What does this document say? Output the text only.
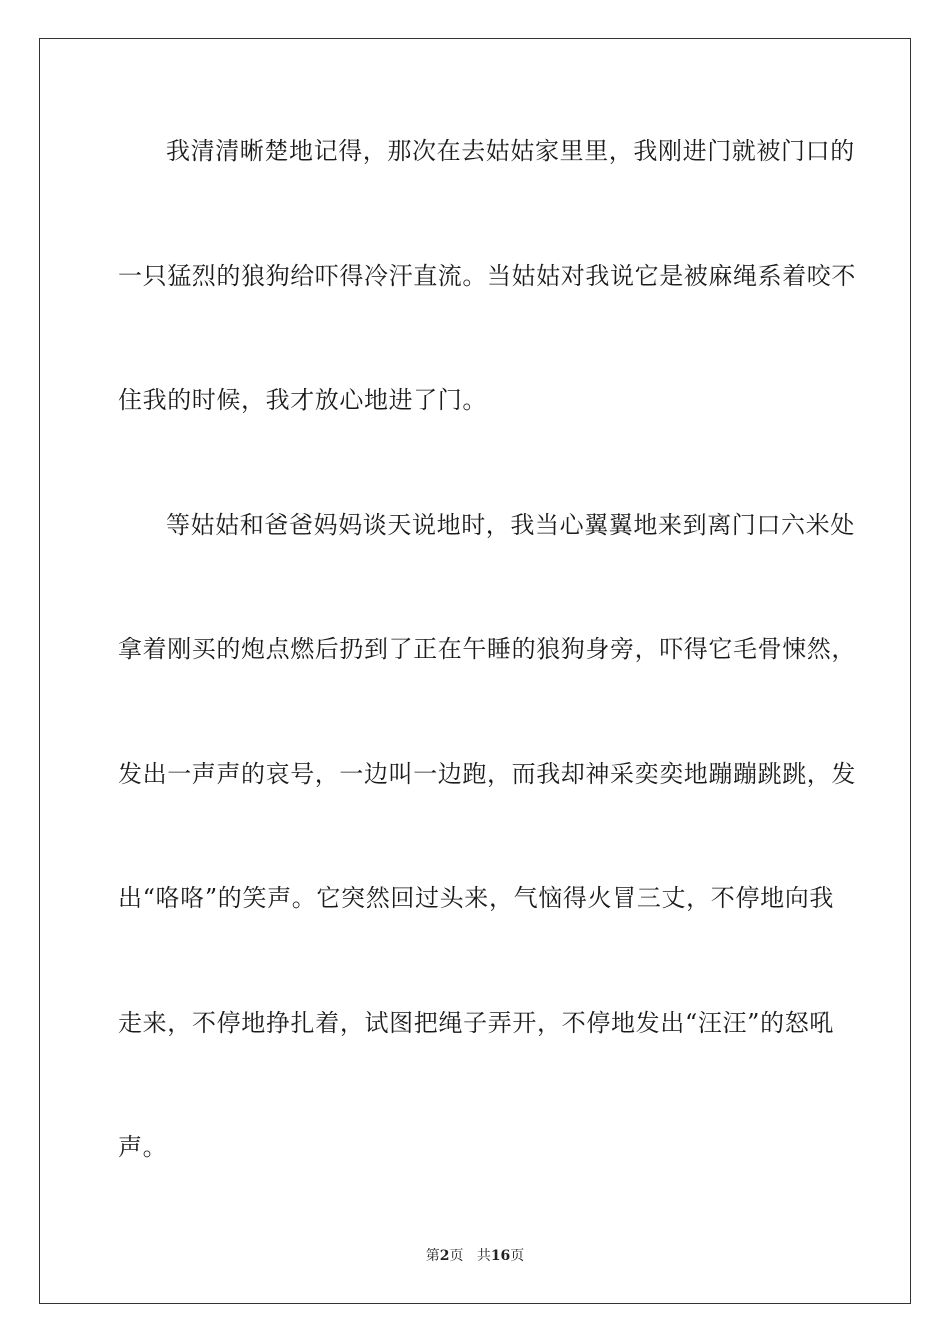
我清清晰楚地记得，那次在去姑姑家里里，我刚进门就被门口的
一只猛烈的狼狗给吓得冷汗直流。当姑姑对我说它是被麻绳系着咬不
住我的时候，我才放心地进了门。
等姑姑和爸爸妈妈谈天说地时，我当心翼翼地来到离门口六米处
拿着刚买的炮点燃后扔到了正在午睡的狼狗身旁，吓得它毛骨悚然，
发出一声声的哀号，一边叫一边跑，而我却神采奕奕地蹦蹦跳跳，发
出“咯咯”的笑声。它突然回过头来，气恼得火冒三丈，不停地向我
走来，不停地挣扎着，试图把绳子弄开，不停地发出“汪汪”的怒吼
声。
第2页 共16页
